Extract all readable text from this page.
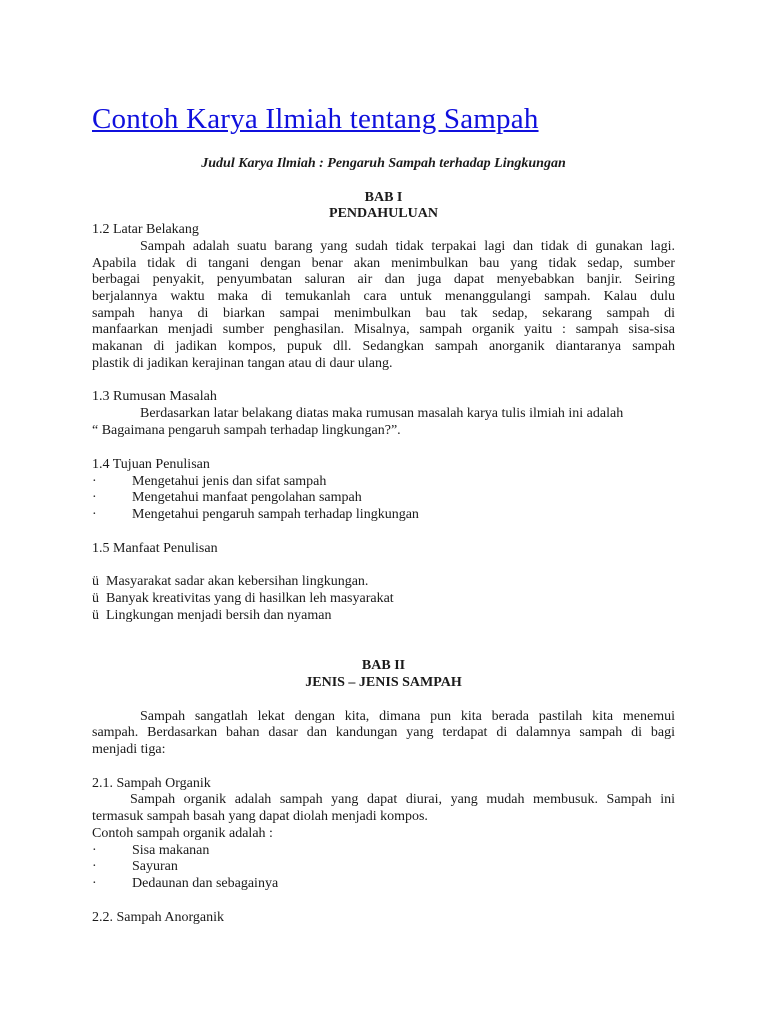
Contoh Karya Ilmiah tentang Sampah
Judul Karya Ilmiah : Pengaruh Sampah terhadap Lingkungan
BAB I
PENDAHULUAN
1.2 Latar Belakang
Sampah adalah suatu barang yang sudah tidak terpakai lagi dan tidak di gunakan lagi.
Apabila tidak di tangani dengan benar akan menimbulkan bau yang tidak sedap, sumber
berbagai penyakit, penyumbatan saluran air dan juga dapat menyebabkan banjir. Seiring
berjalannya waktu maka di temukanlah cara untuk menanggulangi sampah. Kalau dulu
sampah hanya di biarkan sampai menimbulkan bau tak sedap, sekarang sampah di
manfaarkan menjadi sumber penghasilan. Misalnya, sampah organik yaitu : sampah sisa-sisa
makanan di jadikan kompos, pupuk dll. Sedangkan sampah anorganik diantaranya sampah
plastik di jadikan kerajinan tangan atau di daur ulang.
1.3 Rumusan Masalah
Berdasarkan latar belakang diatas maka rumusan masalah karya tulis ilmiah ini adalah
“ Bagaimana pengaruh sampah terhadap lingkungan?”.
1.4 Tujuan Penulisan
·	Mengetahui jenis dan sifat sampah
·	Mengetahui manfaat pengolahan sampah
·	Mengetahui pengaruh sampah terhadap lingkungan
1.5 Manfaat Penulisan
ü Masyarakat sadar akan kebersihan lingkungan.
ü Banyak kreativitas yang di hasilkan leh masyarakat
ü Lingkungan menjadi bersih dan nyaman
BAB II
JENIS – JENIS SAMPAH
Sampah sangatlah lekat dengan kita, dimana pun kita berada pastilah kita menemui
sampah. Berdasarkan bahan dasar dan kandungan yang terdapat di dalamnya sampah di bagi
menjadi tiga:
2.1. Sampah Organik
Sampah organik adalah sampah yang dapat diurai, yang mudah membusuk. Sampah ini
termasuk sampah basah yang dapat diolah menjadi kompos.
Contoh sampah organik adalah :
·	Sisa makanan
·	Sayuran
·	Dedaunan dan sebagainya
2.2. Sampah Anorganik
